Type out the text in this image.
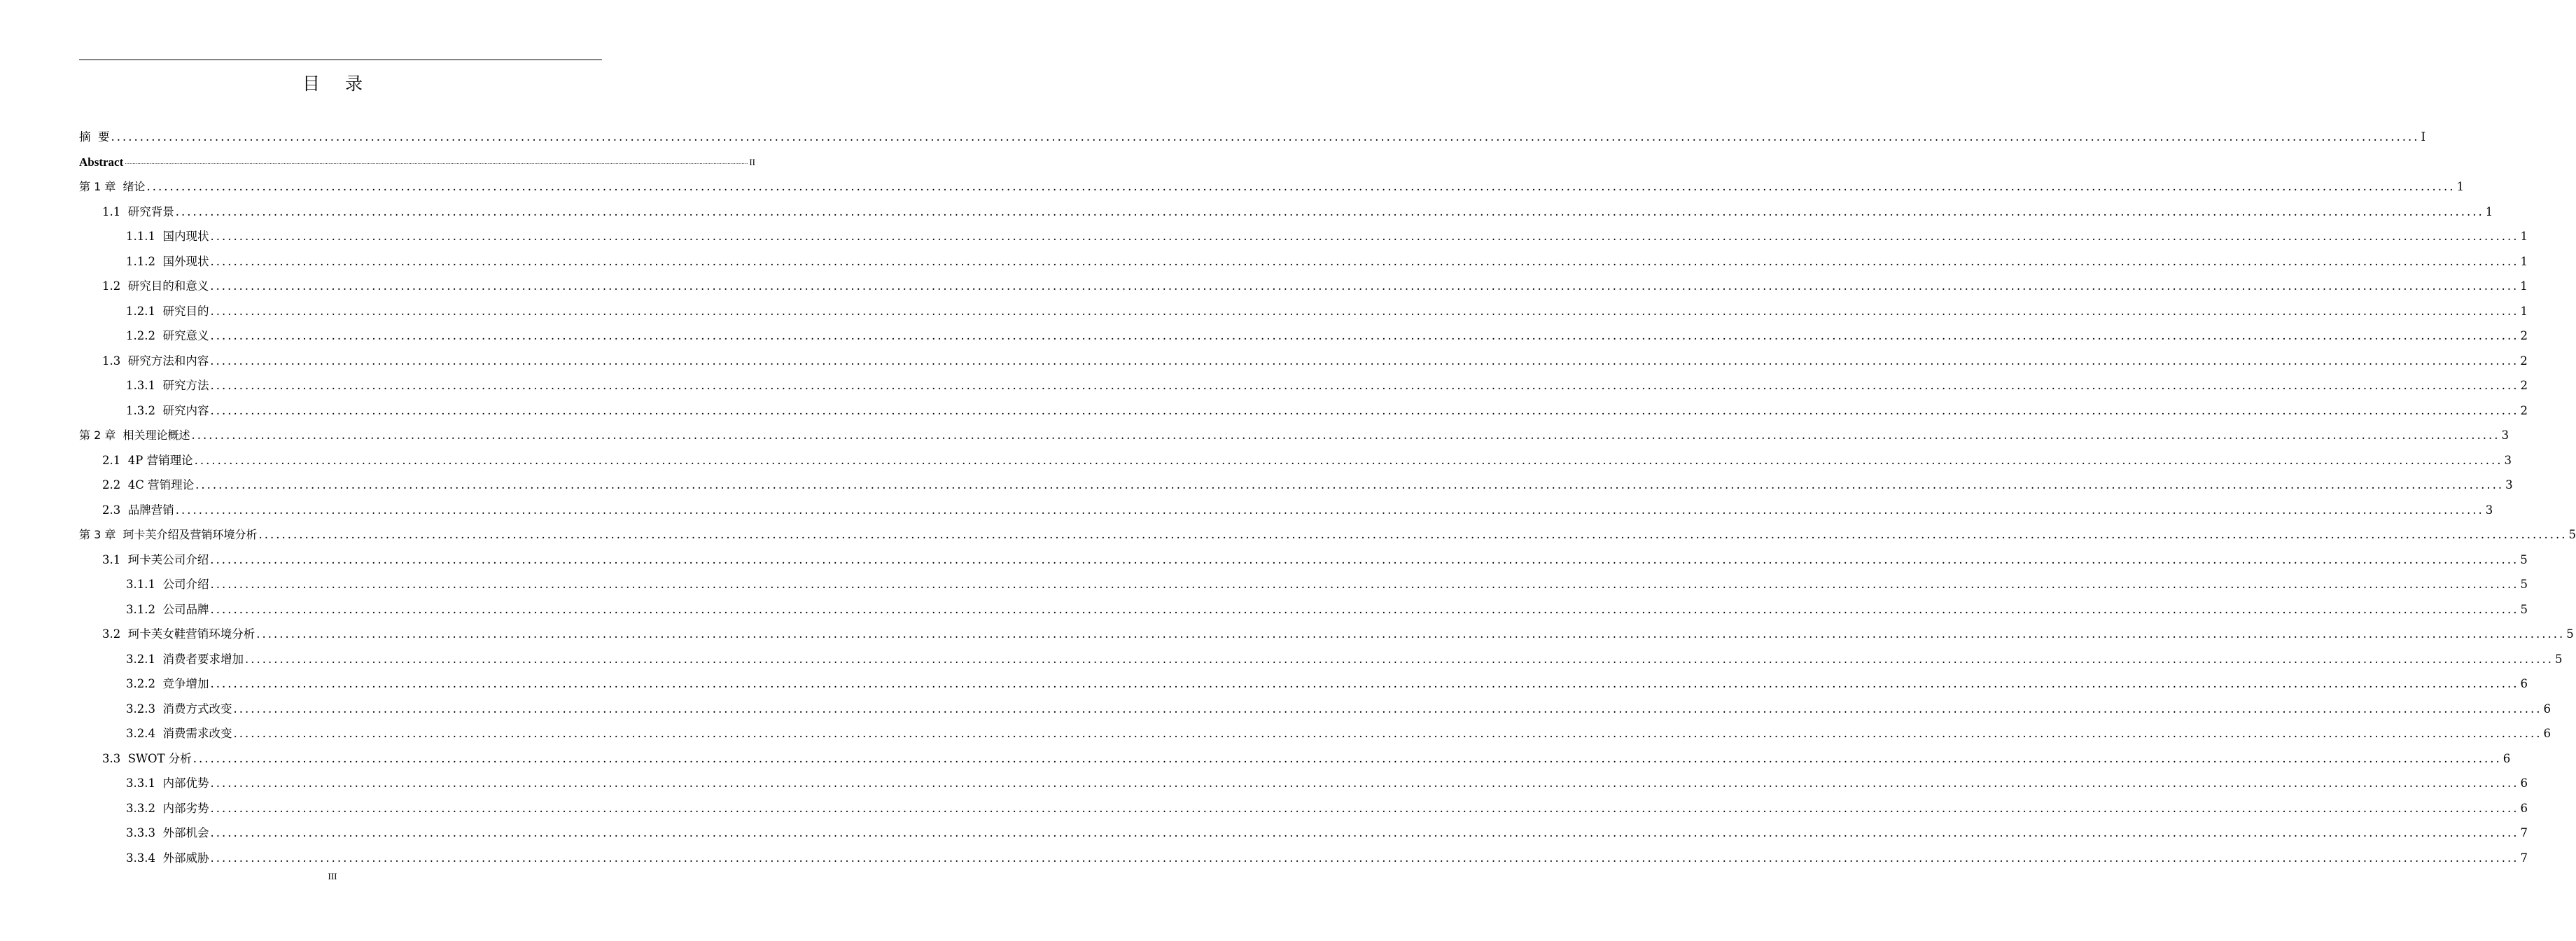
目 录
摘  要 ................................................................................................................................................................................................................................................................................................................................................................................................................ I
Abstract ................................................................................................................................................................................................................................................................................................................................................................................................................ II
第 1 章 绪论 ................................................................................................................................................................................................................................................................................................................................................................................................................ 1
1.1 研究背景 ................................................................................................................................................................................................................................................................................................................................................................................................................ 1
1.1.1 国内现状 ................................................................................................................................................................................................................................................................................................................................................................................................................ 1
1.1.2 国外现状 ................................................................................................................................................................................................................................................................................................................................................................................................................ 1
1.2 研究目的和意义 ................................................................................................................................................................................................................................................................................................................................................................................................................ 1
1.2.1 研究目的 ................................................................................................................................................................................................................................................................................................................................................................................................................ 1
1.2.2 研究意义 ................................................................................................................................................................................................................................................................................................................................................................................................................ 2
1.3 研究方法和内容 ................................................................................................................................................................................................................................................................................................................................................................................................................ 2
1.3.1 研究方法 ................................................................................................................................................................................................................................................................................................................................................................................................................ 2
1.3.2 研究内容 ................................................................................................................................................................................................................................................................................................................................................................................................................ 2
第 2 章 相关理论概述 ................................................................................................................................................................................................................................................................................................................................................................................................................ 3
2.1 4P 营销理论 ................................................................................................................................................................................................................................................................................................................................................................................................................ 3
2.2 4C 营销理论 ................................................................................................................................................................................................................................................................................................................................................................................................................ 3
2.3 品牌营销 ................................................................................................................................................................................................................................................................................................................................................................................................................ 3
第 3 章 珂卡芙介绍及营销环境分析 ................................................................................................................................................................................................................................................................................................................................................................................................................ 5
3.1 珂卡芙公司介绍 ................................................................................................................................................................................................................................................................................................................................................................................................................ 5
3.1.1 公司介绍 ................................................................................................................................................................................................................................................................................................................................................................................................................ 5
3.1.2 公司品牌 ................................................................................................................................................................................................................................................................................................................................................................................................................ 5
3.2 珂卡芙女鞋营销环境分析 ................................................................................................................................................................................................................................................................................................................................................................................................................ 5
3.2.1 消费者要求增加 ................................................................................................................................................................................................................................................................................................................................................................................................................ 5
3.2.2 竞争增加 ................................................................................................................................................................................................................................................................................................................................................................................................................ 6
3.2.3 消费方式改变 ................................................................................................................................................................................................................................................................................................................................................................................................................ 6
3.2.4 消费需求改变 ................................................................................................................................................................................................................................................................................................................................................................................................................ 6
3.3 SWOT 分析 ................................................................................................................................................................................................................................................................................................................................................................................................................ 6
3.3.1 内部优势 ................................................................................................................................................................................................................................................................................................................................................................................................................ 6
3.3.2 内部劣势 ................................................................................................................................................................................................................................................................................................................................................................................................................ 6
3.3.3 外部机会 ................................................................................................................................................................................................................................................................................................................................................................................................................ 7
3.3.4 外部威胁 ................................................................................................................................................................................................................................................................................................................................................................................................................ 7
III
